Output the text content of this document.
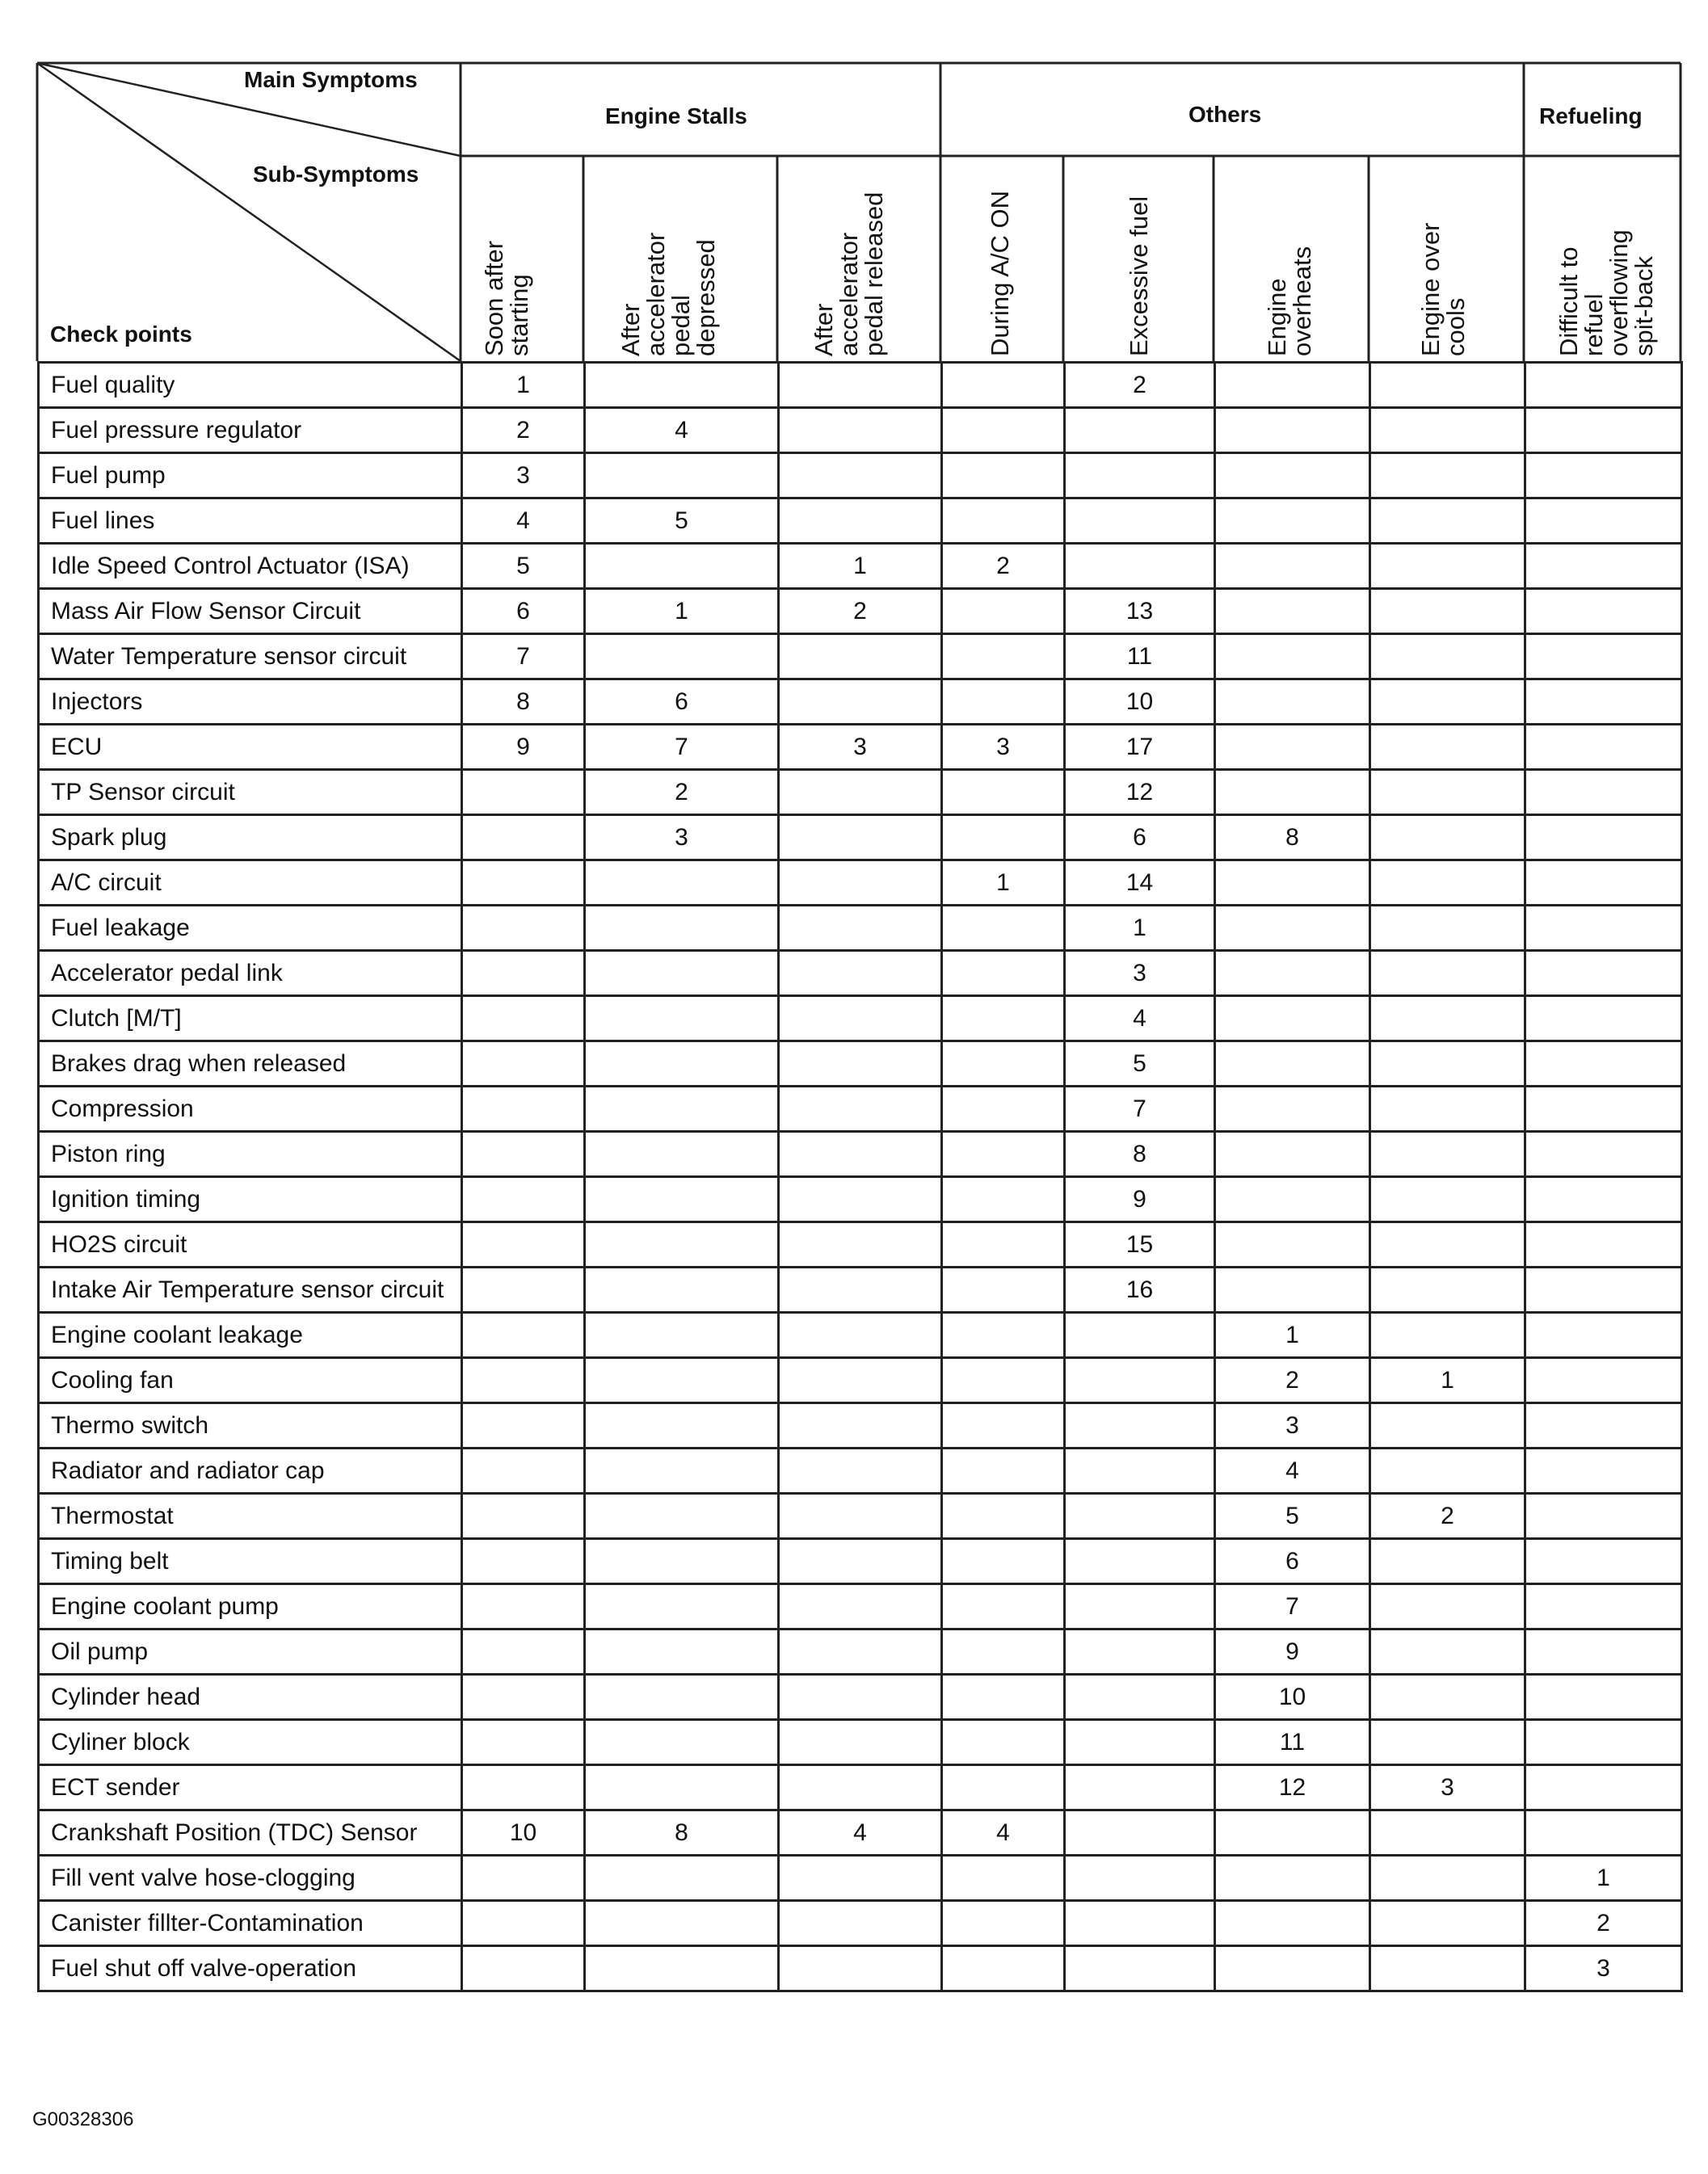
Main Symptoms
Sub-Symptoms
Check points
Engine Stalls	Others	Refueling
Soon after
starting	After
accelerator
pedal
depressed	After
accelerator
pedal released	During A/C ON	Excessive fuel	Engine
overheats	Engine over
cools	Difficult to refuel
overflowing
spit-back
Fuel quality	1				2			
Fuel pressure regulator	2	4						
Fuel pump	3							
Fuel lines	4	5						
Idle Speed Control Actuator (ISA)	5		1	2				
Mass Air Flow Sensor Circuit	6	1	2		13			
Water Temperature sensor circuit	7				11			
Injectors	8	6			10			
ECU	9	7	3	3	17			
TP Sensor circuit		2			12			
Spark plug		3			6	8		
A/C circuit				1	14			
Fuel leakage					1			
Accelerator pedal link					3			
Clutch [M/T]					4			
Brakes drag when released					5			
Compression					7			
Piston ring					8			
Ignition timing					9			
HO2S circuit					15			
Intake Air Temperature sensor circuit					16			
Engine coolant leakage						1		
Cooling fan						2	1	
Thermo switch						3		
Radiator and radiator cap						4		
Thermostat						5	2	
Timing belt						6		
Engine coolant pump						7		
Oil pump						9		
Cylinder head						10		
Cyliner block						11		
ECT sender						12	3	
Crankshaft Position (TDC) Sensor	10	8	4	4				
Fill vent valve hose-clogging								1
Canister fillter-Contamination								2
Fuel shut off valve-operation								3
G00328306
